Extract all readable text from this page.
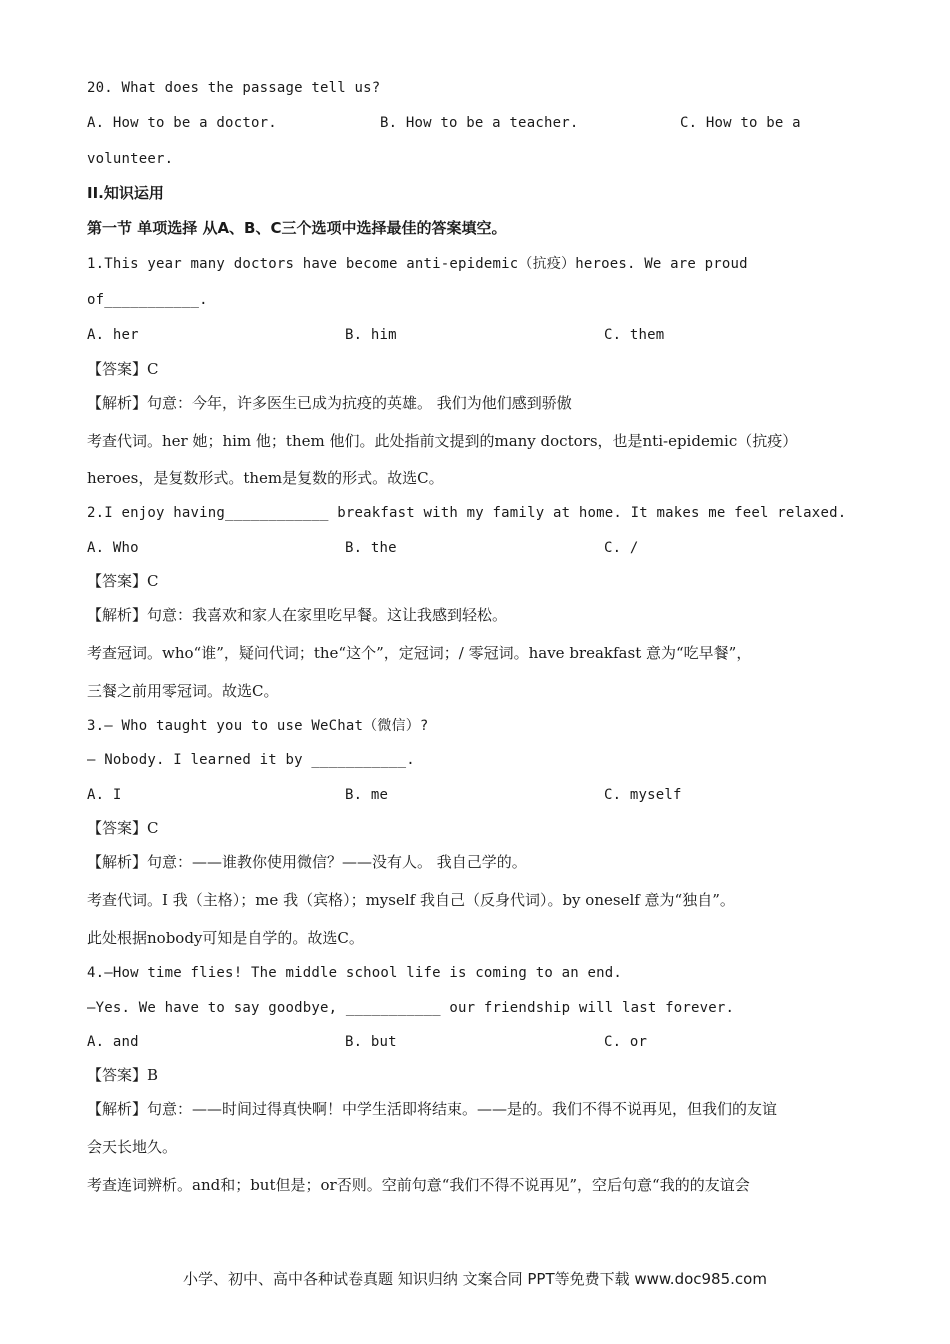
20. What does the passage tell us?
A. How to be a doctor.	B. How to be a teacher.	C. How to be a
volunteer.
II.知识运用
第一节 单项选择 从A、B、C三个选项中选择最佳的答案填空。
1.This year many doctors have become anti-epidemic（抗疫）heroes. We are proud
of___________.
A. her	B. him	C. them
【答案】C
【解析】句意：今年，许多医生已成为抗疫的英雄。 我们为他们感到骄傲
考查代词。her 她；him 他；them 他们。此处指前文提到的many doctors，也是nti-epidemic（抗疫）
heroes，是复数形式。them是复数的形式。故选C。
2.I enjoy having____________ breakfast with my family at home. It makes me feel relaxed.
A. Who	B. the	C. /
【答案】C
【解析】句意：我喜欢和家人在家里吃早餐。这让我感到轻松。
考查冠词。who“谁”，疑问代词；the“这个”，定冠词；/ 零冠词。have breakfast 意为“吃早餐”，
三餐之前用零冠词。故选C。
3.— Who taught you to use WeChat（微信）?
— Nobody. I learned it by ___________.
A. I	B. me	C. myself
【答案】C
【解析】句意：——谁教你使用微信？——没有人。 我自己学的。
考查代词。I 我（主格）；me 我（宾格）；myself 我自己（反身代词）。by oneself 意为“独自”。
此处根据nobody可知是自学的。故选C。
4.—How time flies! The middle school life is coming to an end.
—Yes. We have to say goodbye, ___________ our friendship will last forever.
A. and	B. but	C. or
【答案】B
【解析】句意：——时间过得真快啊！中学生活即将结束。——是的。我们不得不说再见，但我们的友谊
会天长地久。
考查连词辨析。and和；but但是；or否则。空前句意“我们不得不说再见”，空后句意“我的的友谊会
小学、初中、高中各种试卷真题 知识归纳 文案合同 PPT等免费下载 www.doc985.com
